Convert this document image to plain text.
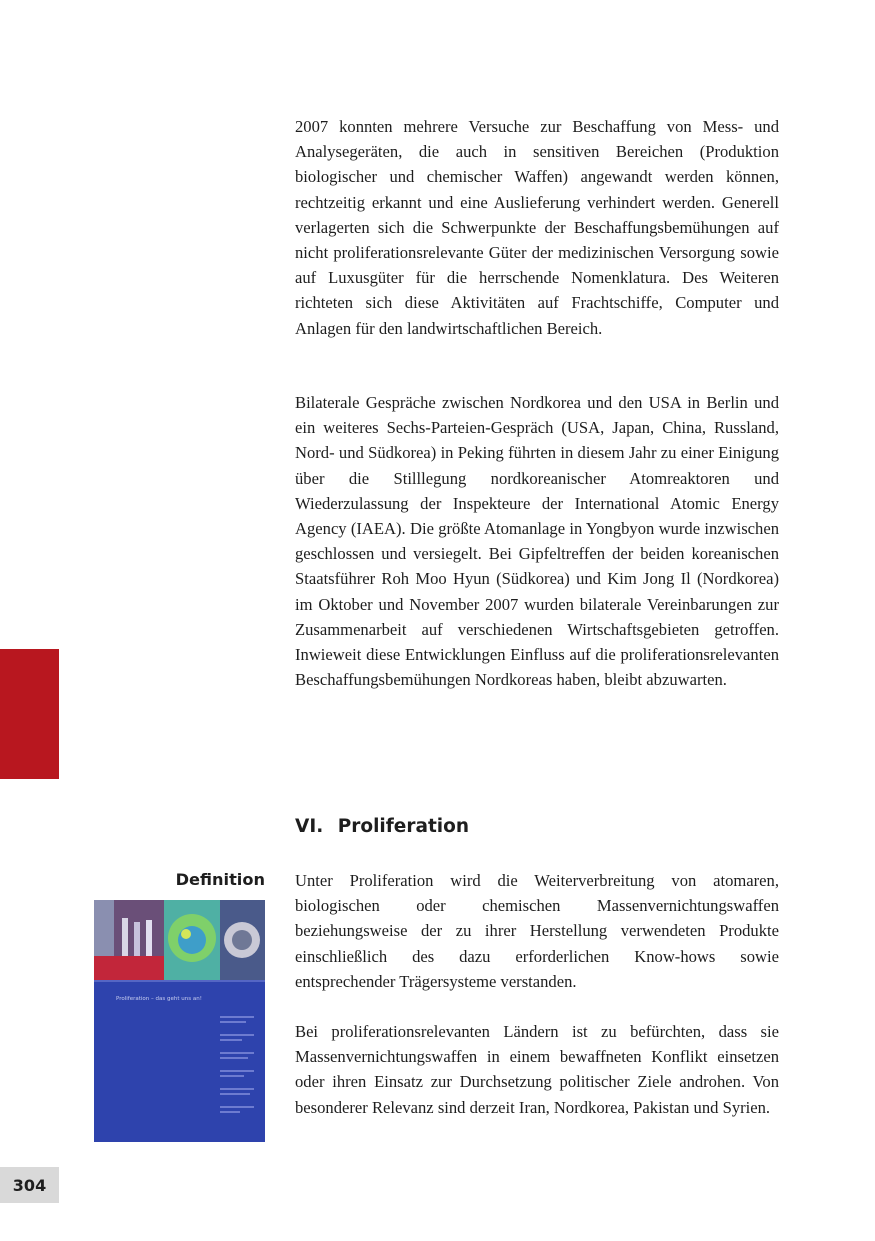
2007 konnten mehrere Versuche zur Beschaffung von Mess- und Analysegeräten, die auch in sensitiven Bereichen (Produktion biologischer und chemischer Waffen) angewandt werden können, rechtzeitig erkannt und eine Auslieferung verhindert werden. Generell verlagerten sich die Schwerpunkte der Beschaffungsbemühungen auf nicht proliferationsrelevante Güter der medizinischen Versorgung sowie auf Luxusgüter für die herrschende Nomenklatura. Des Weiteren richteten sich diese Aktivitäten auf Frachtschiffe, Computer und Anlagen für den landwirtschaftlichen Bereich.

Bilaterale Gespräche zwischen Nordkorea und den USA in Berlin und ein weiteres Sechs-Parteien-Gespräch (USA, Japan, China, Russland, Nord- und Südkorea) in Peking führten in diesem Jahr zu einer Einigung über die Stilllegung nordkoreanischer Atomreaktoren und Wiederzulassung der Inspekteure der International Atomic Energy Agency (IAEA). Die größte Atomanlage in Yongbyon wurde inzwischen geschlossen und versiegelt. Bei Gipfeltreffen der beiden koreanischen Staatsführer Roh Moo Hyun (Südkorea) und Kim Jong Il (Nordkorea) im Oktober und November 2007 wurden bilaterale Vereinbarungen zur Zusammenarbeit auf verschiedenen Wirtschaftsgebieten getroffen. Inwieweit diese Entwicklungen Einfluss auf die proliferationsrelevanten Beschaffungsbemühungen Nordkoreas haben, bleibt abzuwarten.

VI. Proliferation
Definition
Proliferation – das geht uns an!

Unter Proliferation wird die Weiterverbreitung von atomaren, biologischen oder chemischen Massenvernichtungswaffen beziehungsweise der zu ihrer Herstellung verwendeten Produkte einschließlich des dazu erforderlichen Know-hows sowie entsprechender Trägersysteme verstanden.

Bei proliferationsrelevanten Ländern ist zu befürchten, dass sie Massenvernichtungswaffen in einem bewaffneten Konflikt einsetzen oder ihren Einsatz zur Durchsetzung politischer Ziele androhen. Von besonderer Relevanz sind derzeit Iran, Nordkorea, Pakistan und Syrien.

304
